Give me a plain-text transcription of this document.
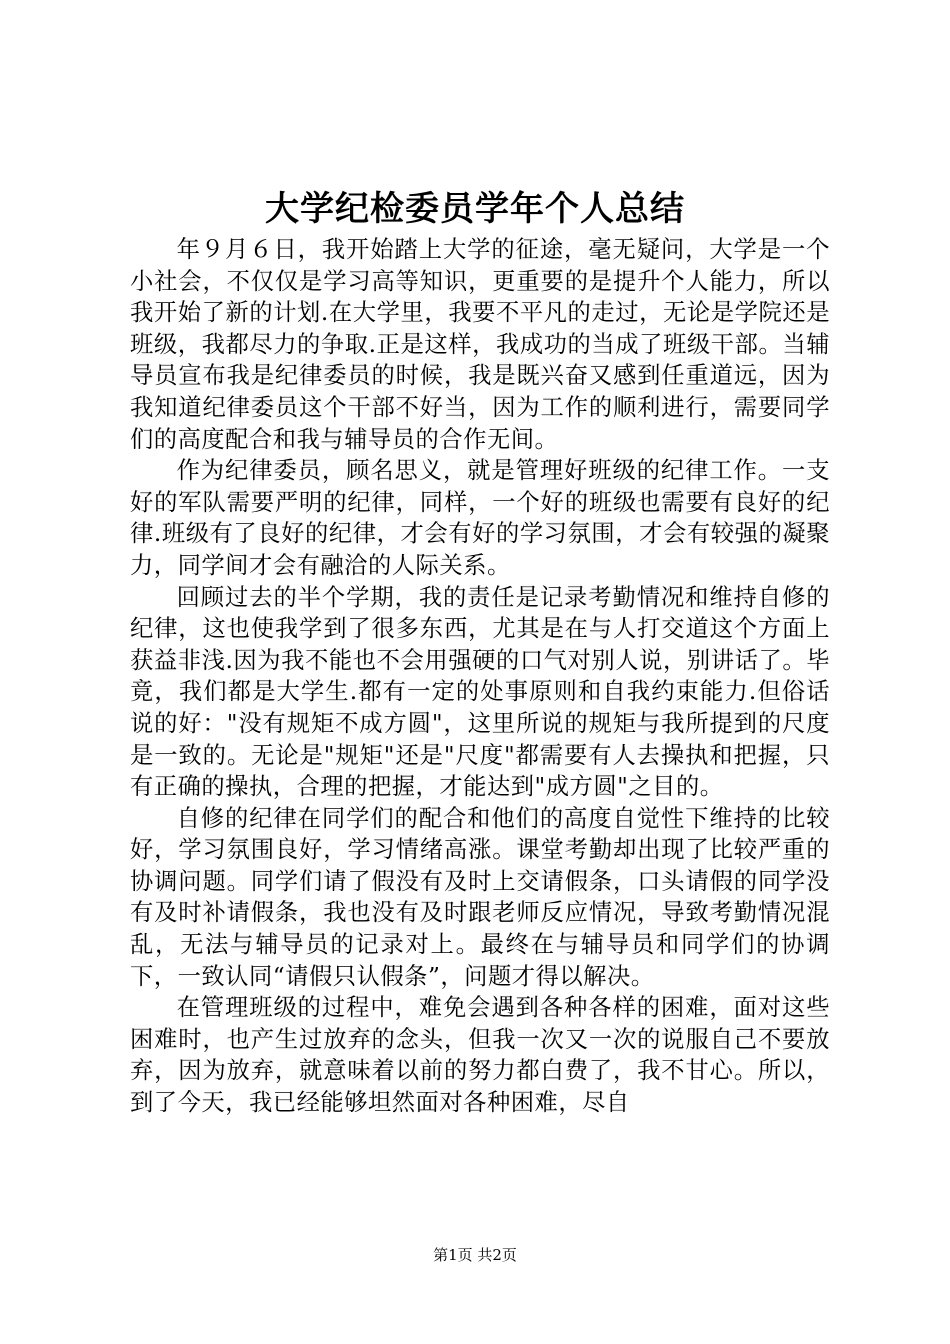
大学纪检委员学年个人总结

年９月６日，我开始踏上大学的征途，毫无疑问，大学是一个小社会，不仅仅是学习高等知识，更重要的是提升个人能力，所以我开始了新的计划.在大学里，我要不平凡的走过，无论是学院还是班级，我都尽力的争取.正是这样，我成功的当成了班级干部。当辅导员宣布我是纪律委员的时候，我是既兴奋又感到任重道远，因为我知道纪律委员这个干部不好当，因为工作的顺利进行，需要同学们的高度配合和我与辅导员的合作无间。

作为纪律委员，顾名思义，就是管理好班级的纪律工作。一支好的军队需要严明的纪律，同样，一个好的班级也需要有良好的纪律.班级有了良好的纪律，才会有好的学习氛围，才会有较强的凝聚力，同学间才会有融洽的人际关系。

回顾过去的半个学期，我的责任是记录考勤情况和维持自修的纪律，这也使我学到了很多东西，尤其是在与人打交道这个方面上获益非浅.因为我不能也不会用强硬的口气对别人说，别讲话了。毕竟，我们都是大学生.都有一定的处事原则和自我约束能力.但俗话说的好："没有规矩不成方圆"，这里所说的规矩与我所提到的尺度是一致的。无论是"规矩"还是"尺度"都需要有人去操执和把握，只有正确的操执，合理的把握，才能达到"成方圆"之目的。

自修的纪律在同学们的配合和他们的高度自觉性下维持的比较好，学习氛围良好，学习情绪高涨。课堂考勤却出现了比较严重的协调问题。同学们请了假没有及时上交请假条，口头请假的同学没有及时补请假条，我也没有及时跟老师反应情况，导致考勤情况混乱，无法与辅导员的记录对上。最终在与辅导员和同学们的协调下，一致认同“请假只认假条”，问题才得以解决。

在管理班级的过程中，难免会遇到各种各样的困难，面对这些困难时，也产生过放弃的念头，但我一次又一次的说服自己不要放弃，因为放弃，就意味着以前的努力都白费了，我不甘心。所以，到了今天，我已经能够坦然面对各种困难，尽自

第1页 共2页
